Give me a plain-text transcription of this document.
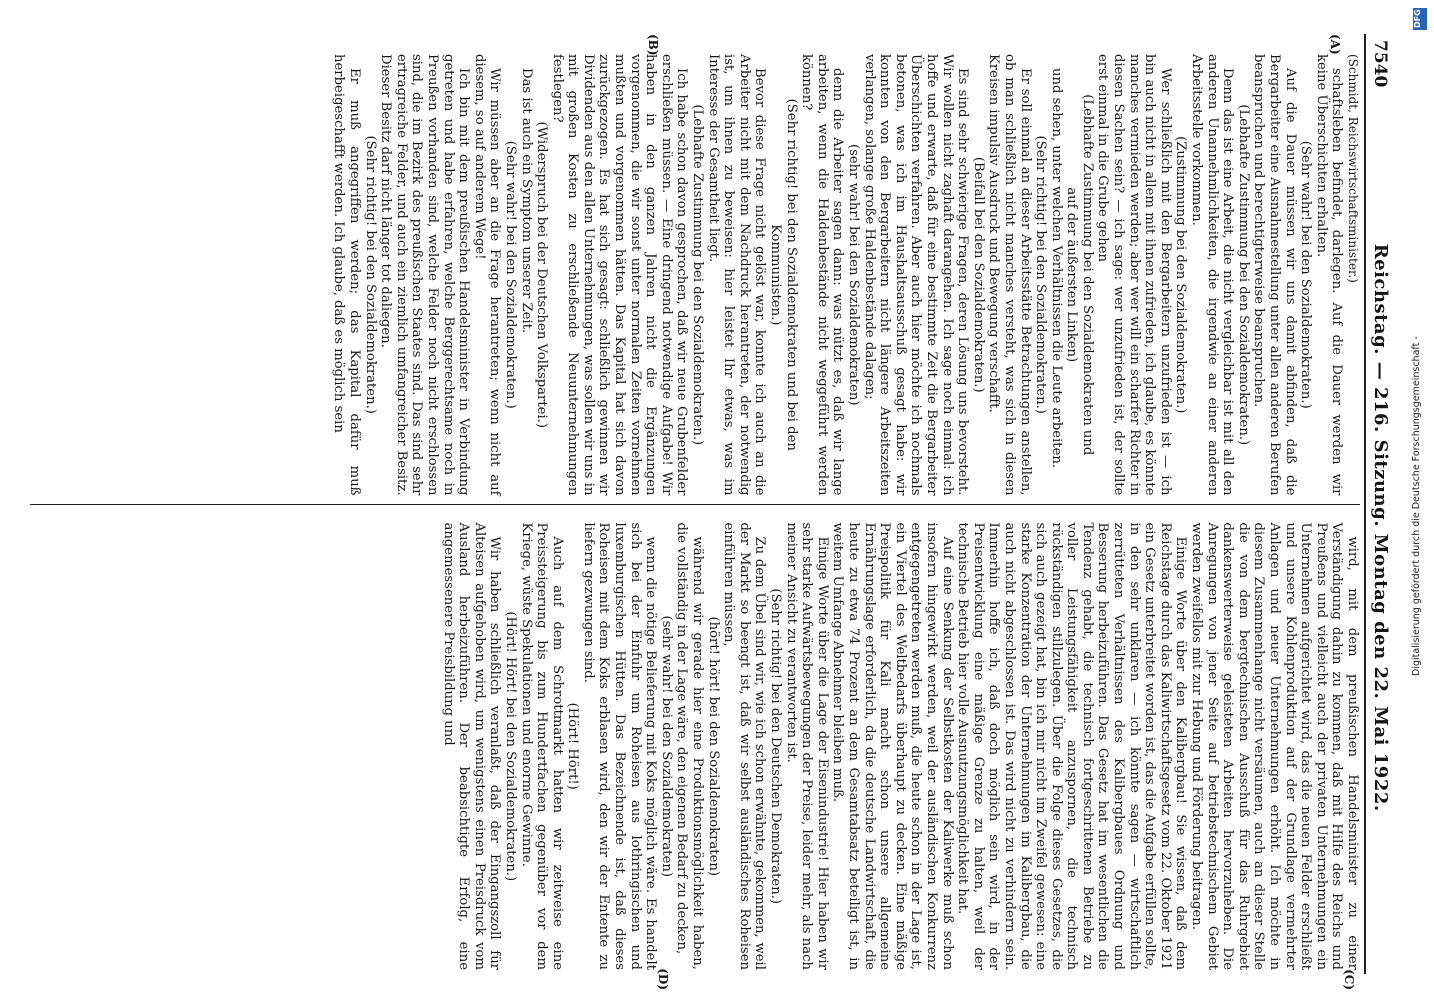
7540
Reichstag. — 216. Sitzung. Montag den 22. Mai 1922.
(A)
(B)

(Schmidt, Reichswirtschaftsminister.)

schaftsleben befindet, darlegen. Auf die Dauer werden wir keine Überschichten erhalten.

(Sehr wahr! bei den Sozialdemokraten.)

Auf die Dauer müssen wir uns damit abfinden, daß die Bergarbeiter eine Ausnahmestellung unter allen anderen Berufen beanspruchen und berechtigterweise beanspruchen.

(Lebhafte Zustimmung bei den Sozialdemokraten.)

Denn das ist eine Arbeit, die nicht vergleichbar ist mit all den anderen Unannehmlichkeiten, die irgendwie an einer anderen Arbeitsstelle vorkommen.

(Zustimmung bei den Sozialdemokraten.)

Wer schließlich mit den Bergarbeitern unzufrieden ist — ich bin auch nicht in allem mit ihnen zufrieden, ich glaube, es könnte manches vermieden werden; aber wer will ein scharfer Richter in diesen Sachen sein? — ich sage: wer unzufrieden ist, der sollte erst einmal in die Grube gehen

(Lebhafte Zustimmung bei den Sozialdemokraten und auf der äußersten Linken)

und sehen, unter welchen Verhältnissen die Leute arbeiten.

(Sehr richtig! bei den Sozialdemokraten.)

Er soll einmal an dieser Arbeitsstätte Betrachtungen anstellen, ob man schließlich nicht manches versteht, was sich in diesen Kreisen impulsiv Ausdruck und Bewegung verschafft.

(Beifall bei den Sozialdemokraten.)

Es sind sehr schwierige Fragen, deren Lösung uns bevorsteht. Wir wollen nicht zaghaft darangehen. Ich sage noch einmal: ich hoffe und erwarte, daß für eine bestimmte Zeit die Bergarbeiter Überschichten verfahren. Aber auch hier möchte ich nochmals betonen, was ich im Haushaltsausschuß gesagt habe: wir konnten von den Bergarbeitern nicht längere Arbeitszeiten verlangen, solange große Haldenbestände dalagen;

(sehr wahr! bei den Sozialdemokraten)

denn die Arbeiter sagen dann: was nützt es, daß wir lange arbeiten, wenn die Haldenbestände nicht weggeführt werden können?

(Sehr richtig! bei den Sozialdemokraten und bei den Kommunisten.)

Bevor diese Frage nicht gelöst war, konnte ich auch an die Arbeiter nicht mit dem Nachdruck herantreten, der notwendig ist, um ihnen zu beweisen: hier leistet Ihr etwas, was im Interesse der Gesamtheit liegt.

(Lebhafte Zustimmung bei den Sozialdemokraten.)

Ich habe schon davon gesprochen, daß wir neue Grubenfelder erschließen müssen. — Eine dringend notwendige Aufgabe! Wir haben in den ganzen Jahren nicht die Ergänzungen vorgenommen, die wir sonst unter normalen Zeiten vornehmen mußten und vorgenommen hätten. Das Kapital hat sich davon zurückgezogen. Es hat sich gesagt: schließlich gewinnen wir Dividenden aus den allen Unternehmungen, was sollen wir uns in mit großen Kosten zu erschließende Neuunternehmungen festlegen?

(Widerspruch bei der Deutschen Volkspartei.)

Das ist auch ein Symptom unserer Zeit.

(Sehr wahr! bei den Sozialdemokraten.)

Wir müssen aber an die Frage herantreten; wenn nicht auf diesem, so auf anderem Wege!

Ich bin mit dem preußischen Handelsminister in Verbindung getreten und habe erfahren, welche Berggerechtsame noch in Preußen vorhanden sind, welche Felder noch nicht erschlossen sind, die im Bezirk des preußischen Staates sind. Das sind sehr ertragreiche Felder, und auch ein ziemlich umfangreicher Besitz. Dieser Besitz darf nicht länger tot daliegen.

(Sehr richtig! bei den Sozialdemokraten.)

Er muß angegriffen werden; das Kapital dafür muß herbeigeschafft werden. Ich glaube, daß es möglich sein

(C)
(D)

wird, mit dem preußischen Handelsminister zu einer Verständigung dahin zu kommen, daß mit Hilfe des Reichs und Preußens und vielleicht auch der privaten Unternehmungen ein Unternehmen aufgerichtet wird, das die neuen Felder erschließt und unsere Kohlenproduktion auf der Grundlage vermehrter Anlagen und neuer Unternehmungen erhöht. Ich möchte in diesem Zusammenhange nicht versäumen, auch an dieser Stelle die von dem bergtechnischen Ausschuß für das Ruhrgebiet dankenswerterweise geleisteten Arbeiten hervorzuheben. Die Anregungen von jener Seite auf betriebstechnischem Gebiet werden zweifellos mit zur Hebung und Förderung beitragen.

Einige Worte über den Kalibergbau! Sie wissen, daß dem Reichstage durch das Kaliwirtschaftsgesetz vom 22. Oktober 1921 ein Gesetz unterbreitet worden ist, das die Aufgabe erfüllen sollte, in den sehr unklaren — ich könnte sagen — wirtschaftlich zerrütteten Verhältnissen des Kalibergbaues Ordnung und Besserung herbeizuführen. Das Gesetz hat im wesentlichen die Tendenz gehabt, die technisch fortgeschrittenen Betriebe zu voller Leistungsfähigkeit anzuspornen, die technisch rückständigen stillzulegen. Über die Folge dieses Gesetzes, die sich auch gezeigt hat, bin ich mir nicht im Zweifel gewesen: eine starke Konzentration der Unternehmungen im Kalibergbau, die auch nicht abgeschlossen ist. Das wird nicht zu verhindern sein. Immerhin hoffe ich, daß doch möglich sein wird, in der Preisentwicklung eine mäßige Grenze zu halten, weil der technische Betrieb hier volle Ausnutzungsmöglichkeit hat.

Auf eine Senkung der Selbstkosten der Kaliwerke muß schon insofern hingewirkt werden, weil der ausländischen Konkurrenz entgegengetreten werden muß, die heute schon in der Lage ist, ein Viertel des Weltbedarfs überhaupt zu decken. Eine mäßige Preispolitik für Kali macht schon unsere allgemeine Ernährungslage erforderlich, da die deutsche Landwirtschaft, die heute zu etwa 74 Prozent an dem Gesamtabsatz beteiligt ist, in weitem Umfange Abnehmer bleiben muß.

Einige Worte über die Lage der Eisenindustrie! Hier haben wir sehr starke Aufwärtsbewegungen der Preise, leider mehr, als nach meiner Ansicht zu verantworten ist.

(Sehr richtig! bei den Deutschen Demokraten.)

Zu dem Übel sind wir, wie ich schon erwähnte, gekommen, weil der Markt so beengt ist, daß wir selbst ausländisches Roheisen einführen müssen,

(hört! hört! bei den Sozialdemokraten)

während wir gerade hier eine Produktionsmöglichkeit haben, die vollständig in der Lage wäre, den eigenen Bedarf zu decken,

(sehr wahr! bei den Sozialdemokraten)

wenn die nötige Belieferung mit Koks möglich wäre. Es handelt sich bei der Einfuhr um Roheisen aus lothringischen und luxemburgischen Hütten. Das Bezeichnende ist, daß dieses Roheisen mit dem Koks erblasen wird, den wir der Entente zu liefern gezwungen sind.

(Hört! Hört!)

Auch auf dem Schrottmarkt hatten wir zeitweise eine Preissteigerung bis zum Hundertfachen gegenüber vor dem Kriege, wüste Spekulationen und enorme Gewinne.

(Hört! Hört! bei den Sozialdemokraten.)

Wir haben schließlich veranlaßt, daß der Eingangszoll für Alteisen aufgehoben wird, um wenigstens einen Preisdruck vom Ausland herbeizuführen. Der beabsichtigte Erfolg, eine angemessenere Preisbildung und

DFG
Digitalisierung gefördert durch die Deutsche Forschungsgemeinschaft -
